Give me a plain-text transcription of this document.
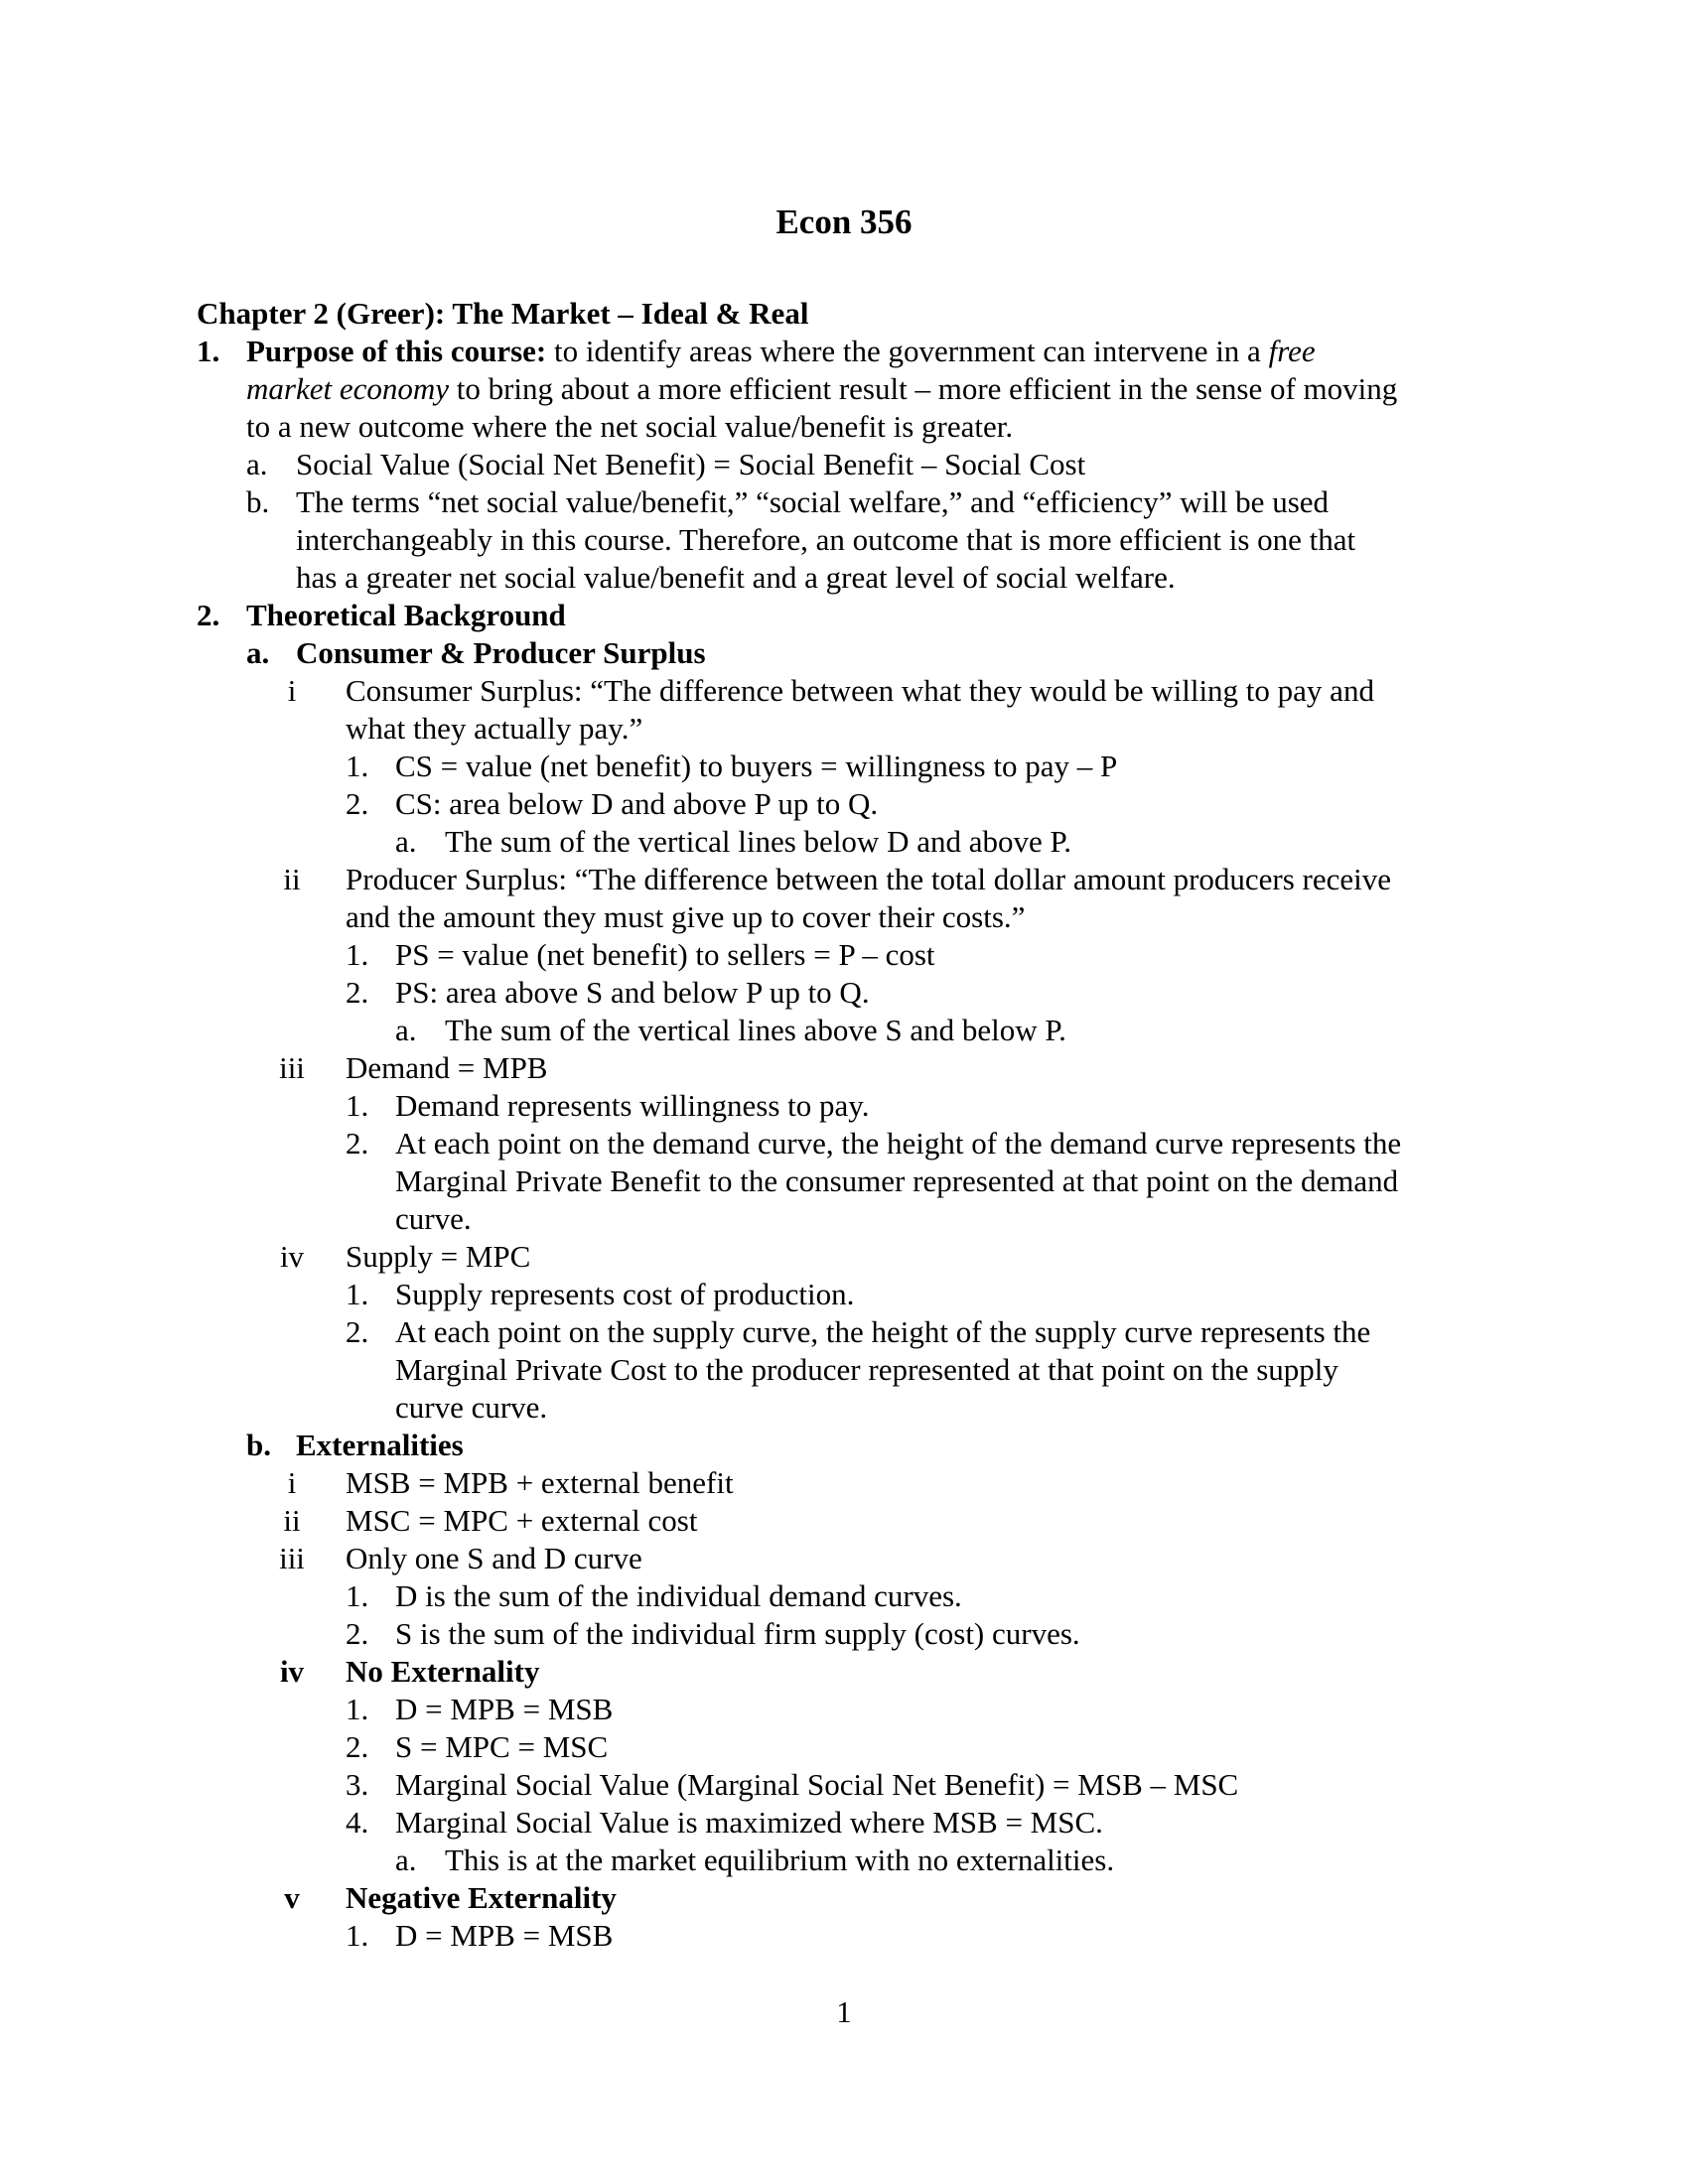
Econ 356
Chapter 2 (Greer): The Market – Ideal & Real
1. Purpose of this course: to identify areas where the government can intervene in a free
market economy to bring about a more efficient result – more efficient in the sense of moving
to a new outcome where the net social value/benefit is greater.
a. Social Value (Social Net Benefit) = Social Benefit – Social Cost
b. The terms “net social value/benefit,” “social welfare,” and “efficiency” will be used
interchangeably in this course. Therefore, an outcome that is more efficient is one that
has a greater net social value/benefit and a great level of social welfare.
2. Theoretical Background
a. Consumer & Producer Surplus
i	Consumer Surplus: “The difference between what they would be willing to pay and
what they actually pay.”
1. CS = value (net benefit) to buyers = willingness to pay – P
2. CS: area below D and above P up to Q.
a. The sum of the vertical lines below D and above P.
ii	Producer Surplus: “The difference between the total dollar amount producers receive
and the amount they must give up to cover their costs.”
1. PS = value (net benefit) to sellers = P – cost
2. PS: area above S and below P up to Q.
a. The sum of the vertical lines above S and below P.
iii	Demand = MPB
1. Demand represents willingness to pay.
2. At each point on the demand curve, the height of the demand curve represents the
Marginal Private Benefit to the consumer represented at that point on the demand
curve.
iv	Supply = MPC
1. Supply represents cost of production.
2. At each point on the supply curve, the height of the supply curve represents the
Marginal Private Cost to the producer represented at that point on the supply
curve curve.
b. Externalities
i	MSB = MPB + external benefit
ii	MSC = MPC + external cost
iii	Only one S and D curve
1. D is the sum of the individual demand curves.
2. S is the sum of the individual firm supply (cost) curves.
iv	No Externality
1. D = MPB = MSB
2. S = MPC = MSC
3. Marginal Social Value (Marginal Social Net Benefit) = MSB – MSC
4. Marginal Social Value is maximized where MSB = MSC.
a. This is at the market equilibrium with no externalities.
v	Negative Externality
1. D = MPB = MSB
1
